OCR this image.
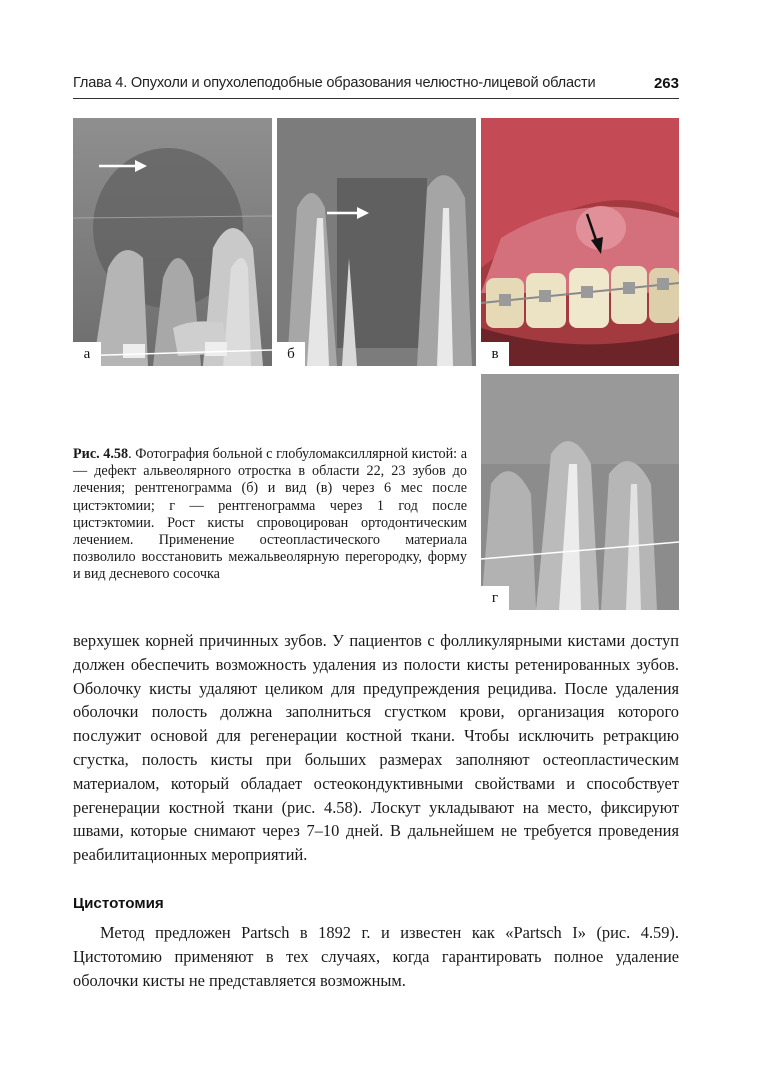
Глава 4. Опухоли и опухолеподобные образования челюстно-лицевой области	263
а	б	в
г
Рис. 4.58. Фотография больной с глобуломаксиллярной кистой: а — дефект альвеолярного отростка в области 22, 23 зубов до лечения; рентгенограмма (б) и вид (в) через 6 мес после цистэктомии; г — рентгенограмма через 1 год после цистэктомии. Рост кисты спровоцирован ортодонтическим лечением. Применение остеопластического материала позволило восстановить межальвеолярную перегородку, форму и вид десневого сосочка
верхушек корней причинных зубов. У пациентов с фолликулярными кистами доступ должен обеспечить возможность удаления из полости кисты ретенированных зубов. Оболочку кисты удаляют целиком для предупреждения рецидива. После удаления оболочки полость должна заполниться сгустком крови, организация которого послужит основой для регенерации костной ткани. Чтобы исключить ретракцию сгустка, полость кисты при больших размерах заполняют остеопластическим материалом, который обладает остеокондуктивными свойствами и способствует регенерации костной ткани (рис. 4.58). Лоскут укладывают на место, фиксируют швами, которые снимают через 7–10 дней. В дальнейшем не требуется проведения реабилитационных мероприятий.
Цистотомия
Метод предложен Partsch в 1892 г. и известен как «Partsch I» (рис. 4.59). Цистотомию применяют в тех случаях, когда гарантировать полное удаление оболочки кисты не представляется возможным.
